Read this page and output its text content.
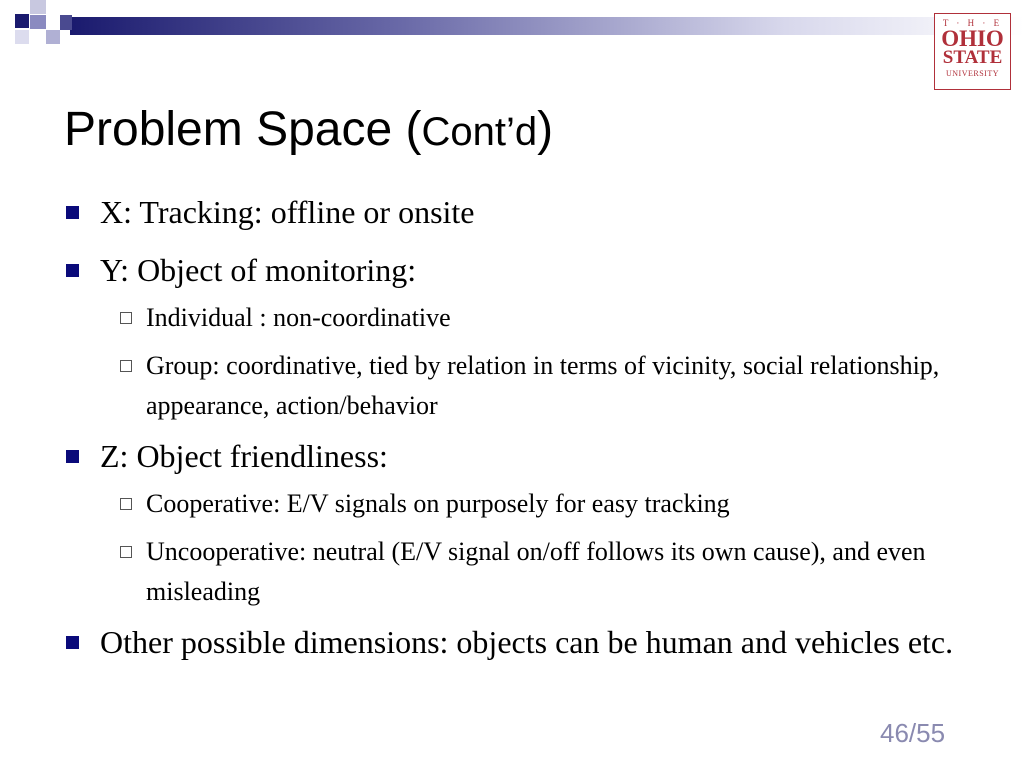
T · H · E
OHIO
STATE
UNIVERSITY
Problem Space (Cont’d)
X: Tracking: offline or onsite
Y: Object of monitoring:
Individual : non-coordinative
Group: coordinative, tied by relation in terms of vicinity, social relationship, appearance, action/behavior
Z: Object friendliness:
Cooperative: E/V signals on purposely for easy tracking
Uncooperative: neutral (E/V signal on/off follows its own cause), and even misleading
Other possible dimensions: objects can be human and vehicles etc.
46/55
